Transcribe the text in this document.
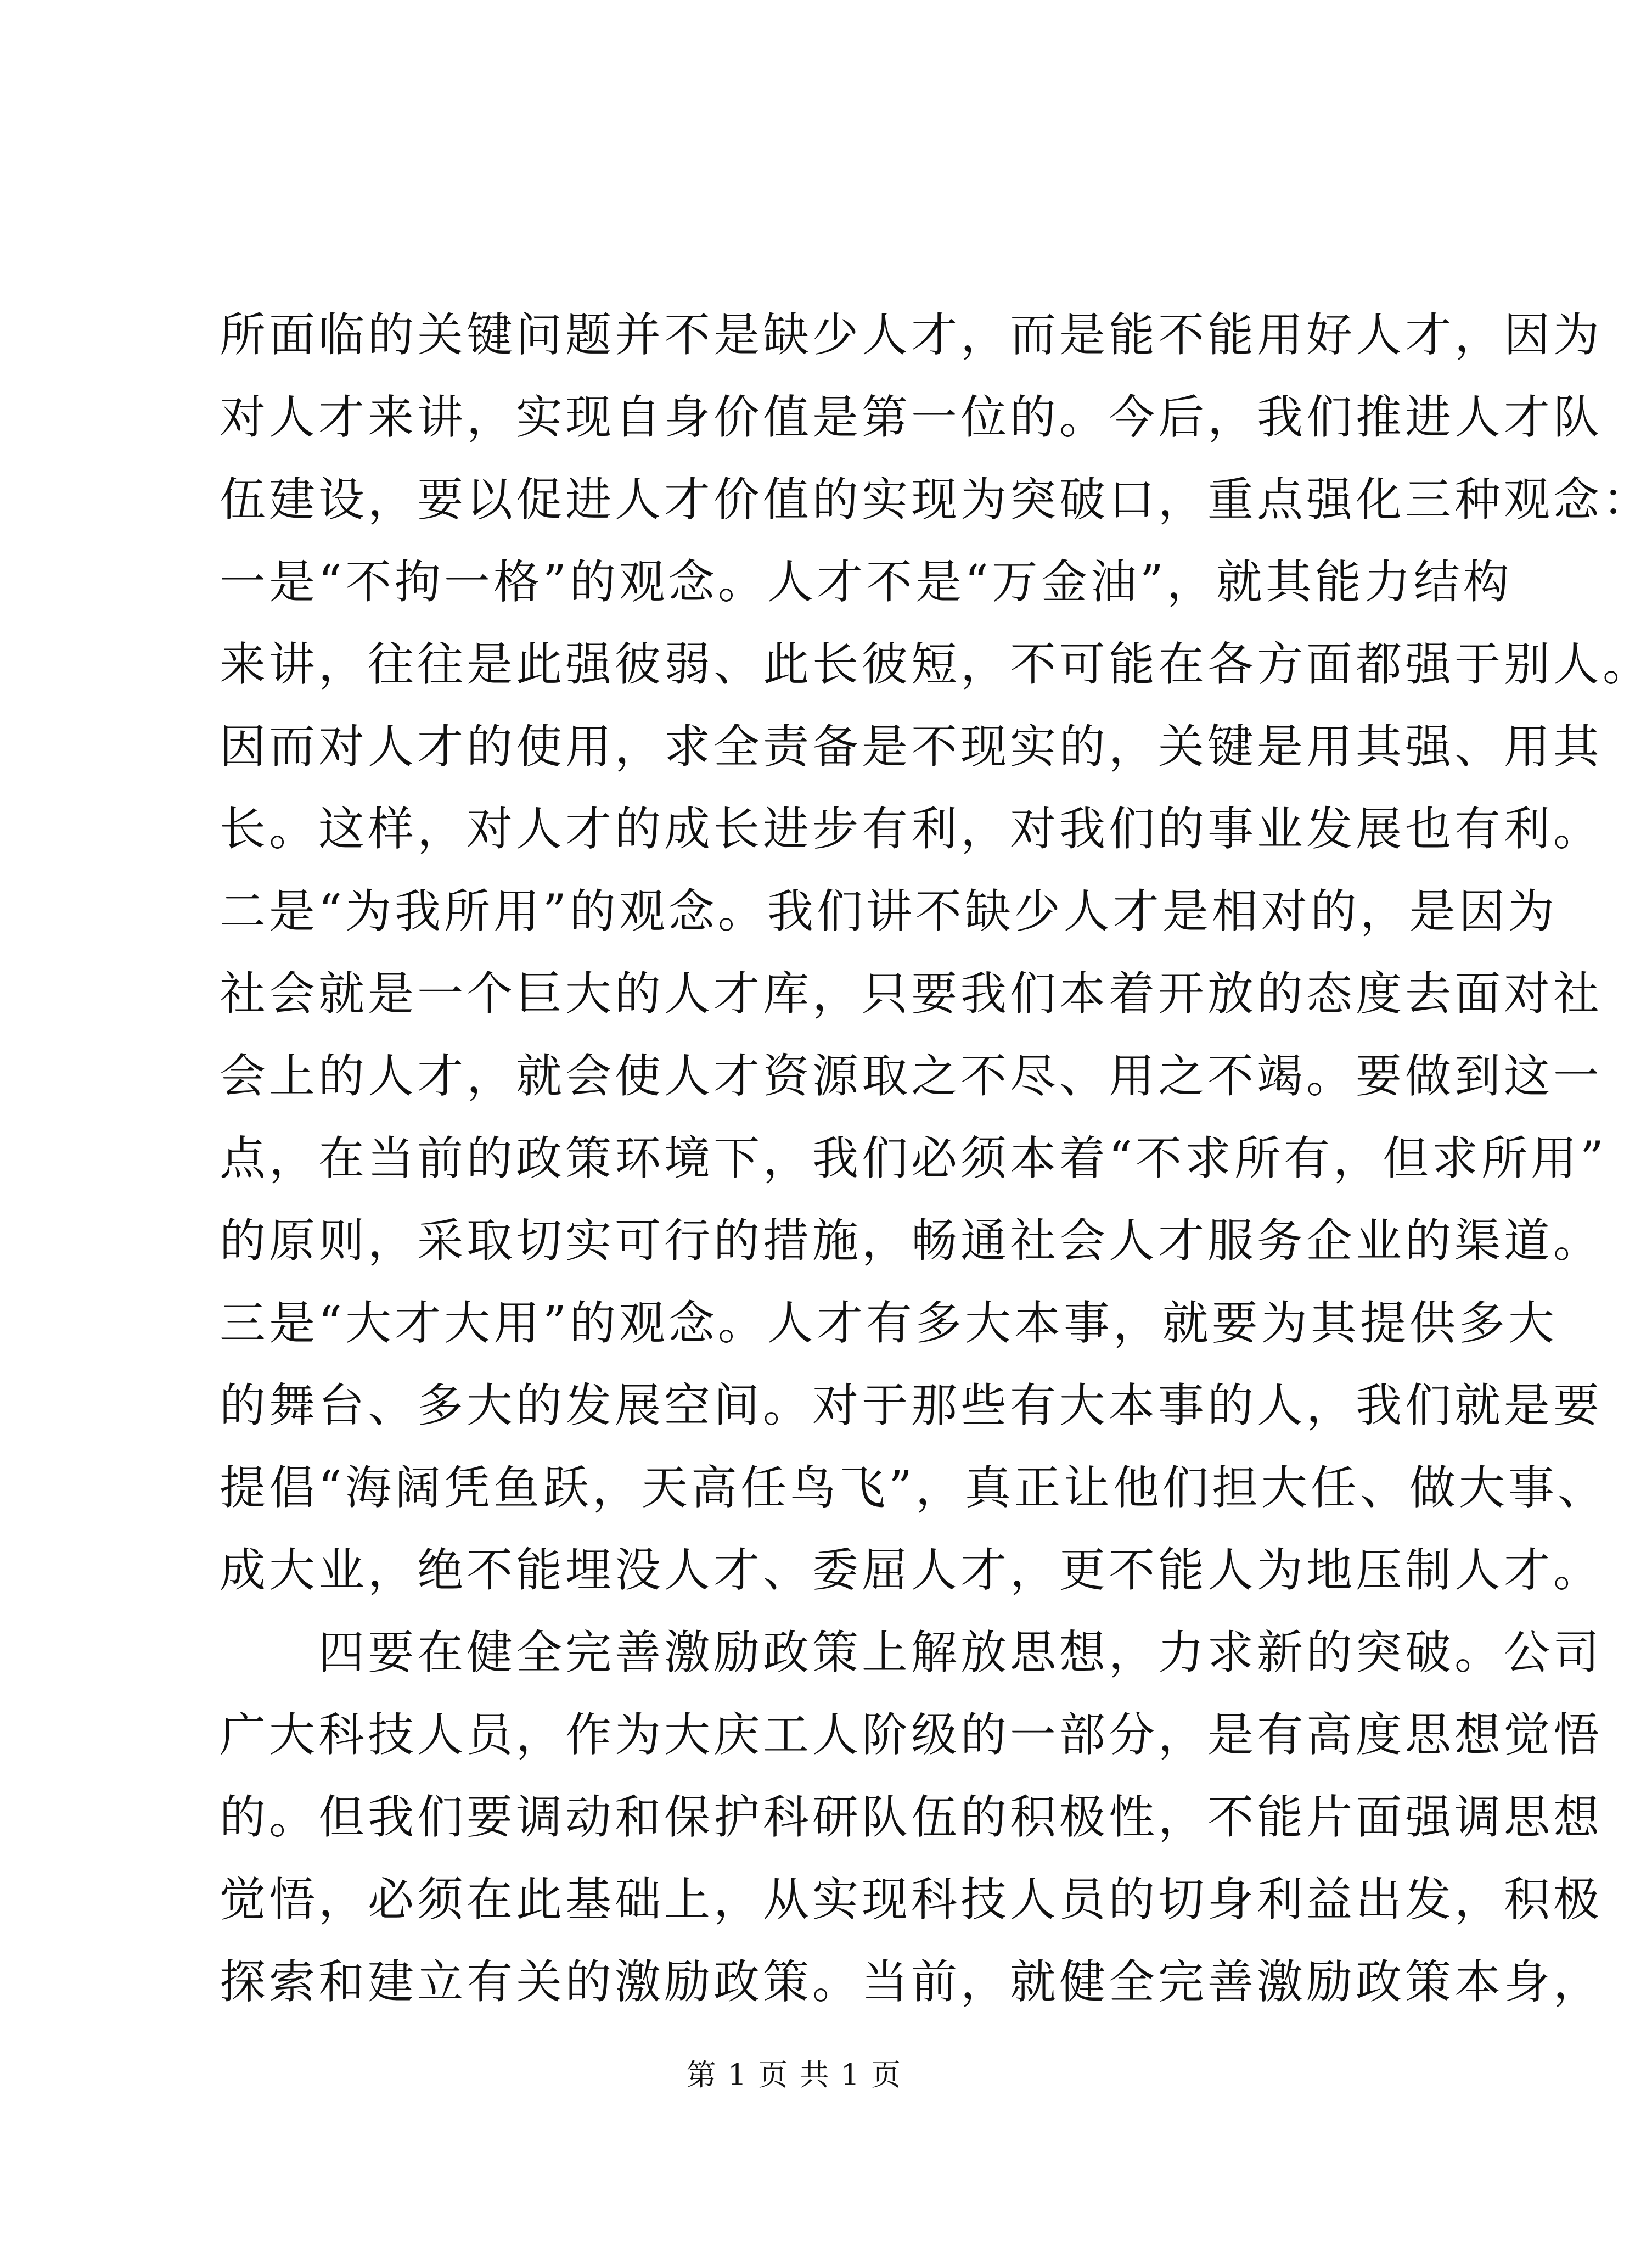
所面临的关键问题并不是缺少人才，而是能不能用好人才，因为
对人才来讲，实现自身价值是第一位的。今后，我们推进人才队
伍建设，要以促进人才价值的实现为突破口，重点强化三种观念：
一是“不拘一格”的观念。人才不是“万金油”，就其能力结构
来讲，往往是此强彼弱、此长彼短，不可能在各方面都强于别人。
因而对人才的使用，求全责备是不现实的，关键是用其强、用其
长。这样，对人才的成长进步有利，对我们的事业发展也有利。
二是“为我所用”的观念。我们讲不缺少人才是相对的，是因为
社会就是一个巨大的人才库，只要我们本着开放的态度去面对社
会上的人才，就会使人才资源取之不尽、用之不竭。要做到这一
点，在当前的政策环境下，我们必须本着“不求所有，但求所用”
的原则，采取切实可行的措施，畅通社会人才服务企业的渠道。
三是“大才大用”的观念。人才有多大本事，就要为其提供多大
的舞台、多大的发展空间。对于那些有大本事的人，我们就是要
提倡“海阔凭鱼跃，天高任鸟飞”，真正让他们担大任、做大事、
成大业，绝不能埋没人才、委屈人才，更不能人为地压制人才。
四要在健全完善激励政策上解放思想，力求新的突破。公司
广大科技人员，作为大庆工人阶级的一部分，是有高度思想觉悟
的。但我们要调动和保护科研队伍的积极性，不能片面强调思想
觉悟，必须在此基础上，从实现科技人员的切身利益出发，积极
探索和建立有关的激励政策。当前，就健全完善激励政策本身，
第 1 页 共 1 页
